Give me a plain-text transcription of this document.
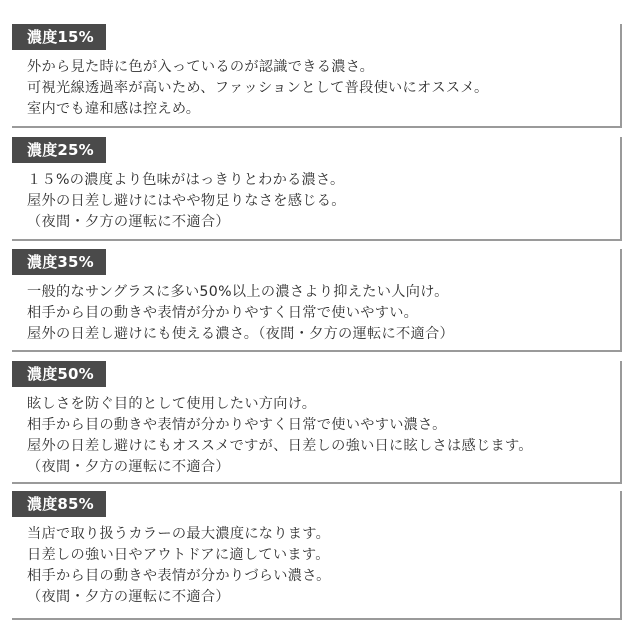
濃度15%
外から見た時に色が入っているのが認識できる濃さ。
可視光線透過率が高いため、ファッションとして普段使いにオススメ。
室内でも違和感は控えめ。
濃度25%
１５%の濃度より色味がはっきりとわかる濃さ。
屋外の日差し避けにはやや物足りなさを感じる。
（夜間・夕方の運転に不適合）
濃度35%
一般的なサングラスに多い50%以上の濃さより抑えたい人向け。
相手から目の動きや表情が分かりやすく日常で使いやすい。
屋外の日差し避けにも使える濃さ。（夜間・夕方の運転に不適合）
濃度50%
眩しさを防ぐ目的として使用したい方向け。
相手から目の動きや表情が分かりやすく日常で使いやすい濃さ。
屋外の日差し避けにもオススメですが、日差しの強い日に眩しさは感じます。
（夜間・夕方の運転に不適合）
濃度85%
当店で取り扱うカラーの最大濃度になります。
日差しの強い日やアウトドアに適しています。
相手から目の動きや表情が分かりづらい濃さ。
（夜間・夕方の運転に不適合）
